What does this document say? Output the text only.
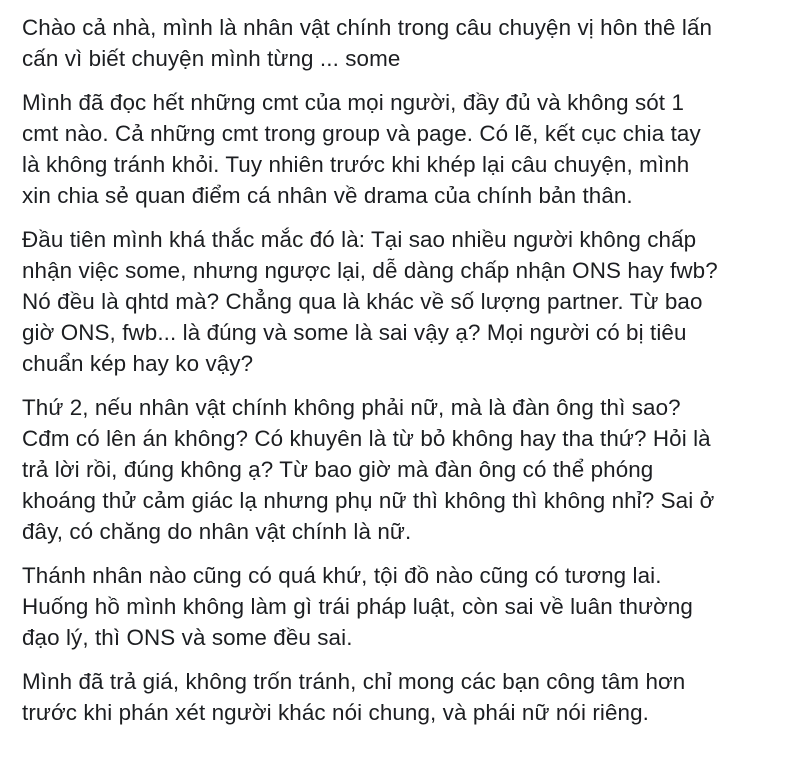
Chào cả nhà, mình là nhân vật chính trong câu chuyện vị hôn thê lấn
cấn vì biết chuyện mình từng ... some

Mình đã đọc hết những cmt của mọi người, đầy đủ và không sót 1
cmt nào. Cả những cmt trong group và page. Có lẽ, kết cục chia tay
là không tránh khỏi. Tuy nhiên trước khi khép lại câu chuyện, mình
xin chia sẻ quan điểm cá nhân về drama của chính bản thân.

Đầu tiên mình khá thắc mắc đó là: Tại sao nhiều người không chấp
nhận việc some, nhưng ngược lại, dễ dàng chấp nhận ONS hay fwb?
Nó đều là qhtd mà? Chẳng qua là khác về số lượng partner. Từ bao
giờ ONS, fwb... là đúng và some là sai vậy ạ? Mọi người có bị tiêu
chuẩn kép hay ko vậy?

Thứ 2, nếu nhân vật chính không phải nữ, mà là đàn ông thì sao?
Cđm có lên án không? Có khuyên là từ bỏ không hay tha thứ? Hỏi là
trả lời rồi, đúng không ạ? Từ bao giờ mà đàn ông có thể phóng
khoáng thử cảm giác lạ nhưng phụ nữ thì không thì không nhỉ? Sai ở
đây, có chăng do nhân vật chính là nữ.

Thánh nhân nào cũng có quá khứ, tội đồ nào cũng có tương lai.
Huống hồ mình không làm gì trái pháp luật, còn sai về luân thường
đạo lý, thì ONS và some đều sai.

Mình đã trả giá, không trốn tránh, chỉ mong các bạn công tâm hơn
trước khi phán xét người khác nói chung, và phái nữ nói riêng.
